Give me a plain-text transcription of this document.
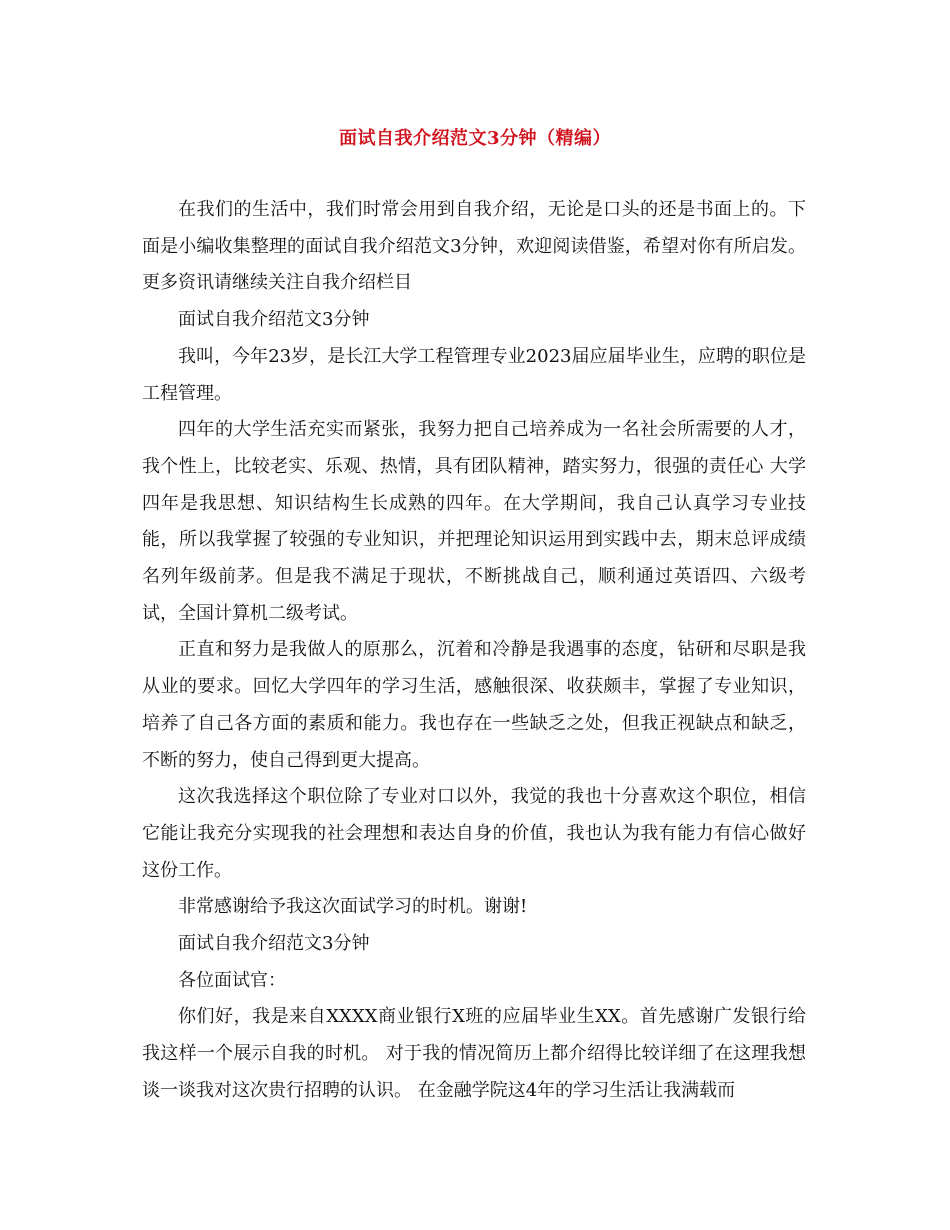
面试自我介绍范文3分钟（精编）

在我们的生活中，我们时常会用到自我介绍，无论是口头的还是书面上的。下面是小编收集整理的面试自我介绍范文3分钟，欢迎阅读借鉴，希望对你有所启发。更多资讯请继续关注自我介绍栏目

面试自我介绍范文3分钟

我叫，今年23岁，是长江大学工程管理专业2023届应届毕业生，应聘的职位是工程管理。

四年的大学生活充实而紧张，我努力把自己培养成为一名社会所需要的人才，我个性上，比较老实、乐观、热情，具有团队精神，踏实努力，很强的责任心 大学四年是我思想、知识结构生长成熟的四年。在大学期间，我自己认真学习专业技能，所以我掌握了较强的专业知识，并把理论知识运用到实践中去，期末总评成绩名列年级前茅。但是我不满足于现状，不断挑战自己，顺利通过英语四、六级考试，全国计算机二级考试。

正直和努力是我做人的原那么，沉着和冷静是我遇事的态度，钻研和尽职是我从业的要求。回忆大学四年的学习生活，感触很深、收获颇丰，掌握了专业知识，培养了自己各方面的素质和能力。我也存在一些缺乏之处，但我正视缺点和缺乏，不断的努力，使自己得到更大提高。

这次我选择这个职位除了专业对口以外，我觉的我也十分喜欢这个职位，相信它能让我充分实现我的社会理想和表达自身的价值，我也认为我有能力有信心做好这份工作。

非常感谢给予我这次面试学习的时机。谢谢!

面试自我介绍范文3分钟

各位面试官：

你们好，我是来自XXXX商业银行X班的应届毕业生XX。首先感谢广发银行给我这样一个展示自我的时机。 对于我的情况简历上都介绍得比较详细了在这理我想谈一谈我对这次贵行招聘的认识。 在金融学院这4年的学习生活让我满载而
